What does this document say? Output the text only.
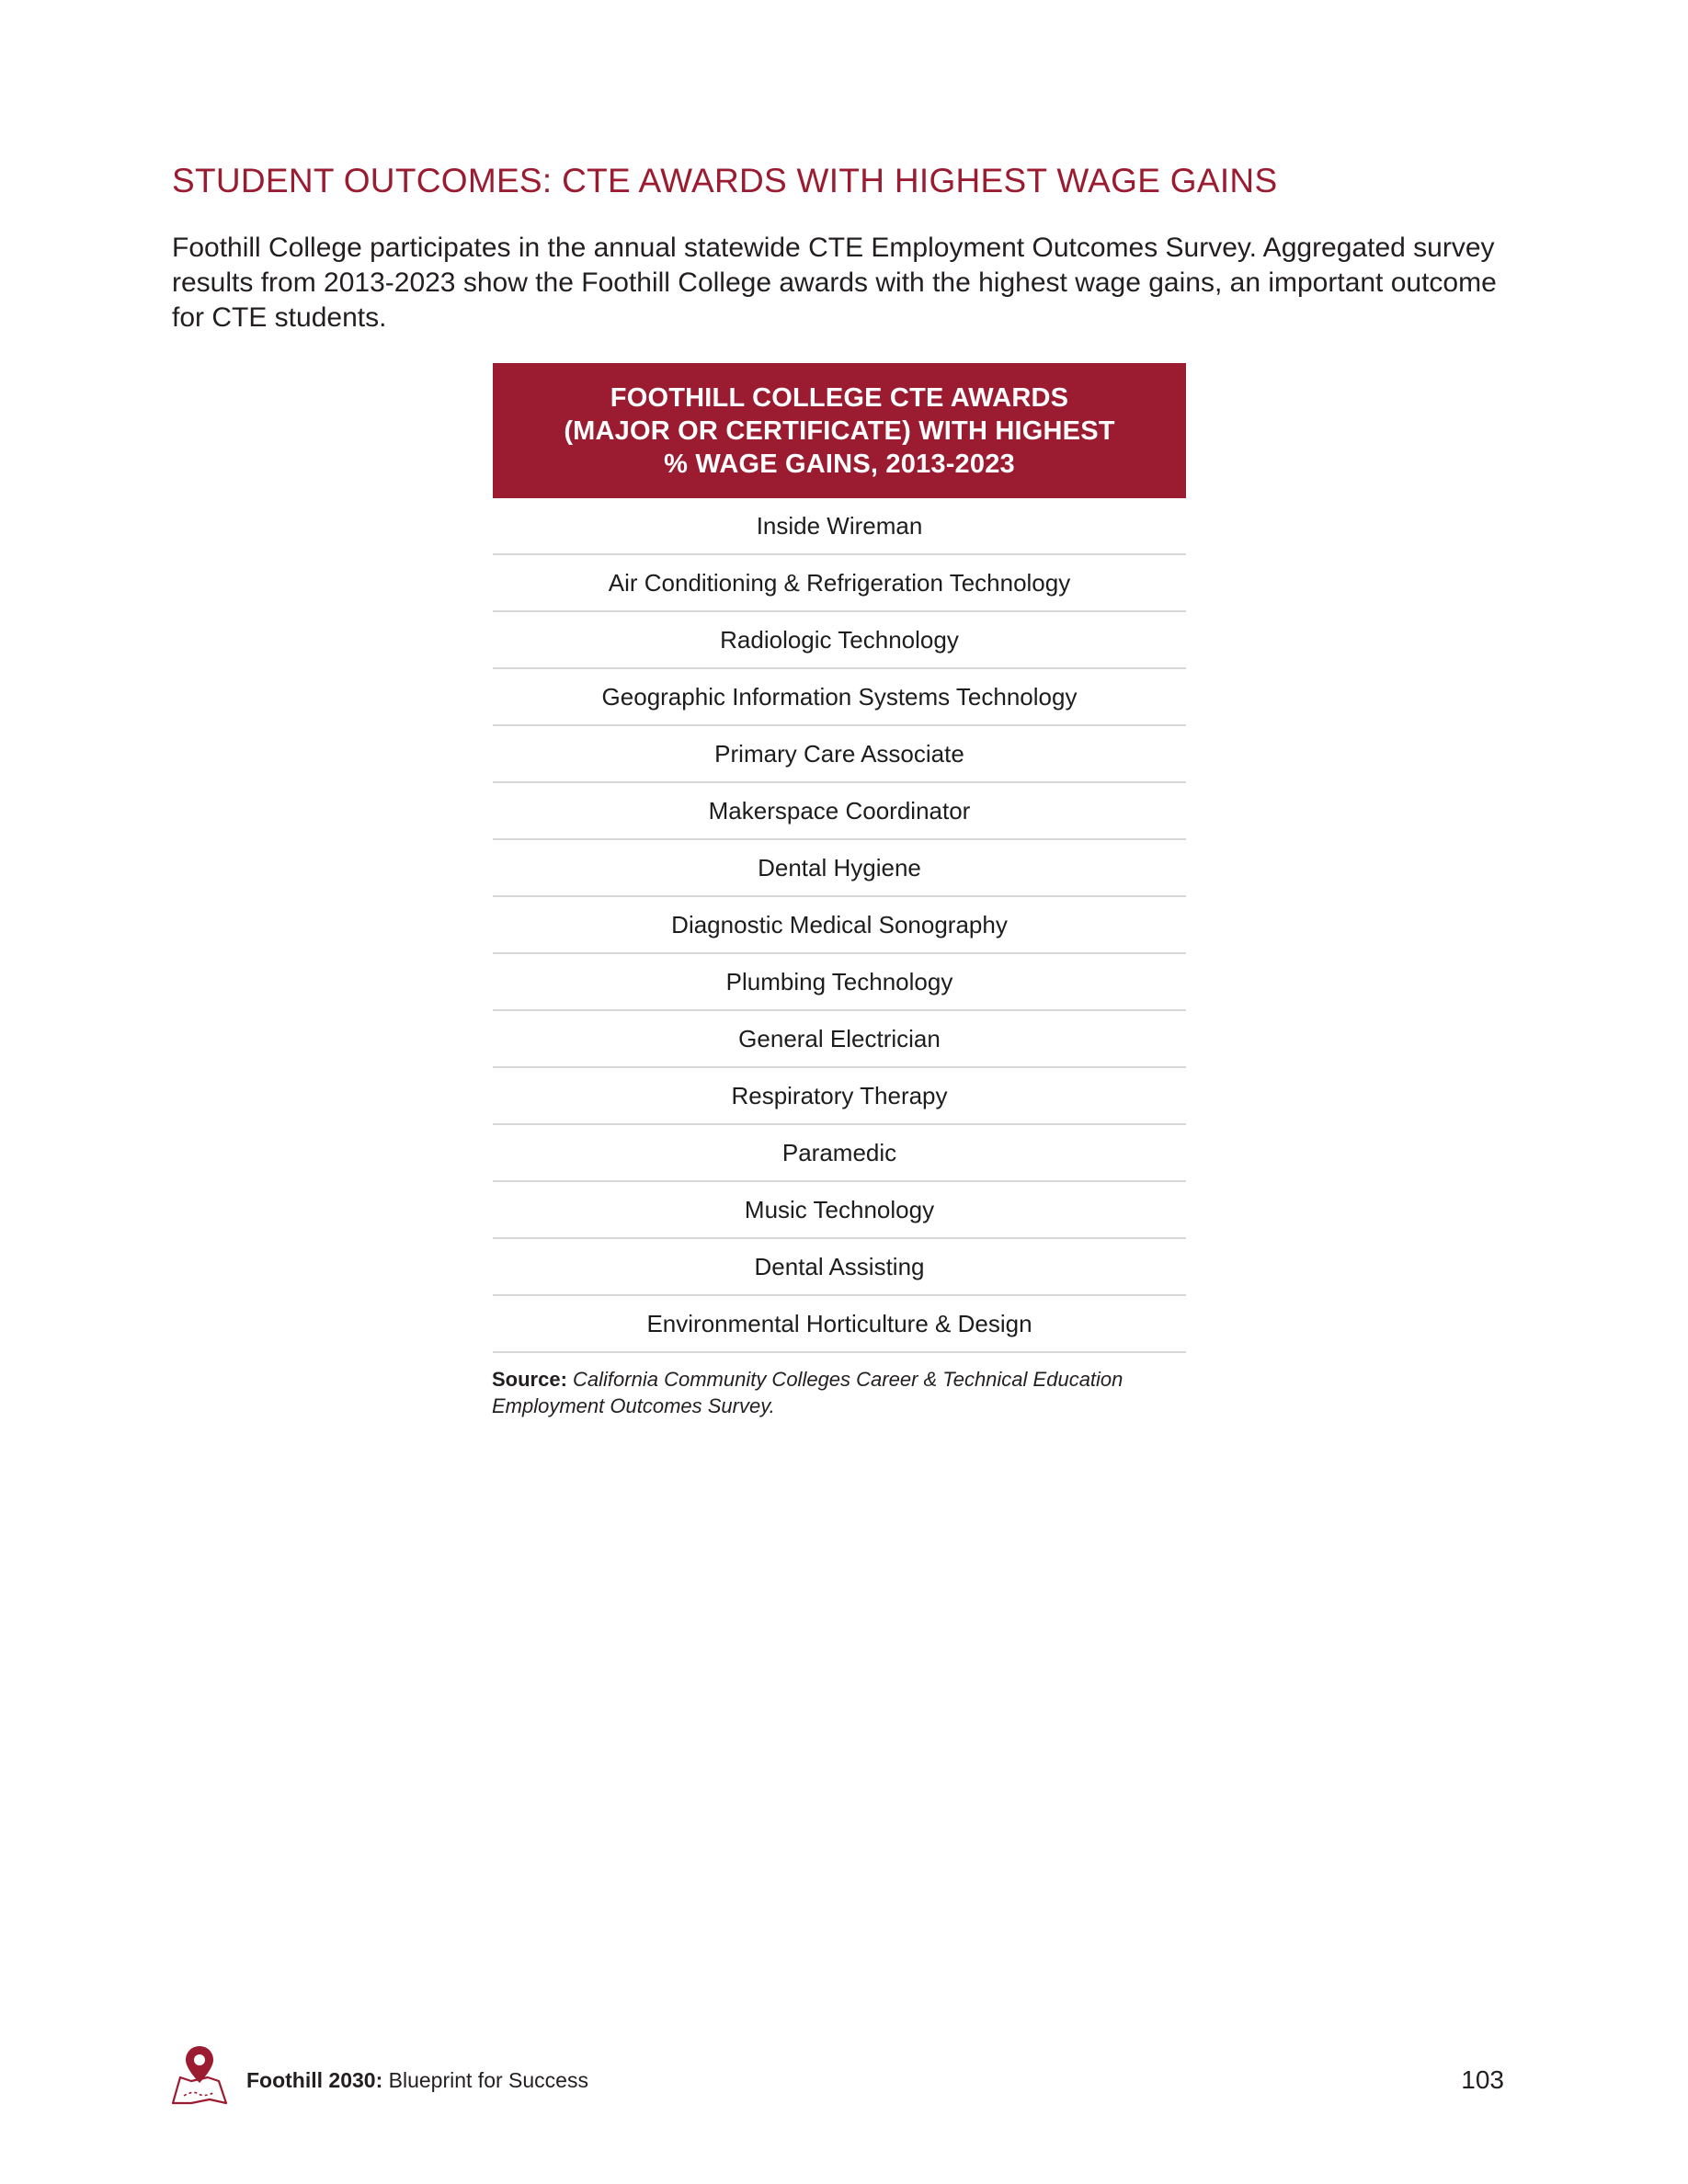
STUDENT OUTCOMES: CTE AWARDS WITH HIGHEST WAGE GAINS

Foothill College participates in the annual statewide CTE Employment Outcomes Survey. Aggregated survey results from 2013-2023 show the Foothill College awards with the highest wage gains, an important outcome for CTE students.

FOOTHILL COLLEGE CTE AWARDS
(MAJOR OR CERTIFICATE) WITH HIGHEST
% WAGE GAINS, 2013-2023
Inside Wireman
Air Conditioning & Refrigeration Technology
Radiologic Technology
Geographic Information Systems Technology
Primary Care Associate
Makerspace Coordinator
Dental Hygiene
Diagnostic Medical Sonography
Plumbing Technology
General Electrician
Respiratory Therapy
Paramedic
Music Technology
Dental Assisting
Environmental Horticulture & Design

Source: California Community Colleges Career & Technical Education Employment Outcomes Survey.

Foothill 2030: Blueprint for Success	103
